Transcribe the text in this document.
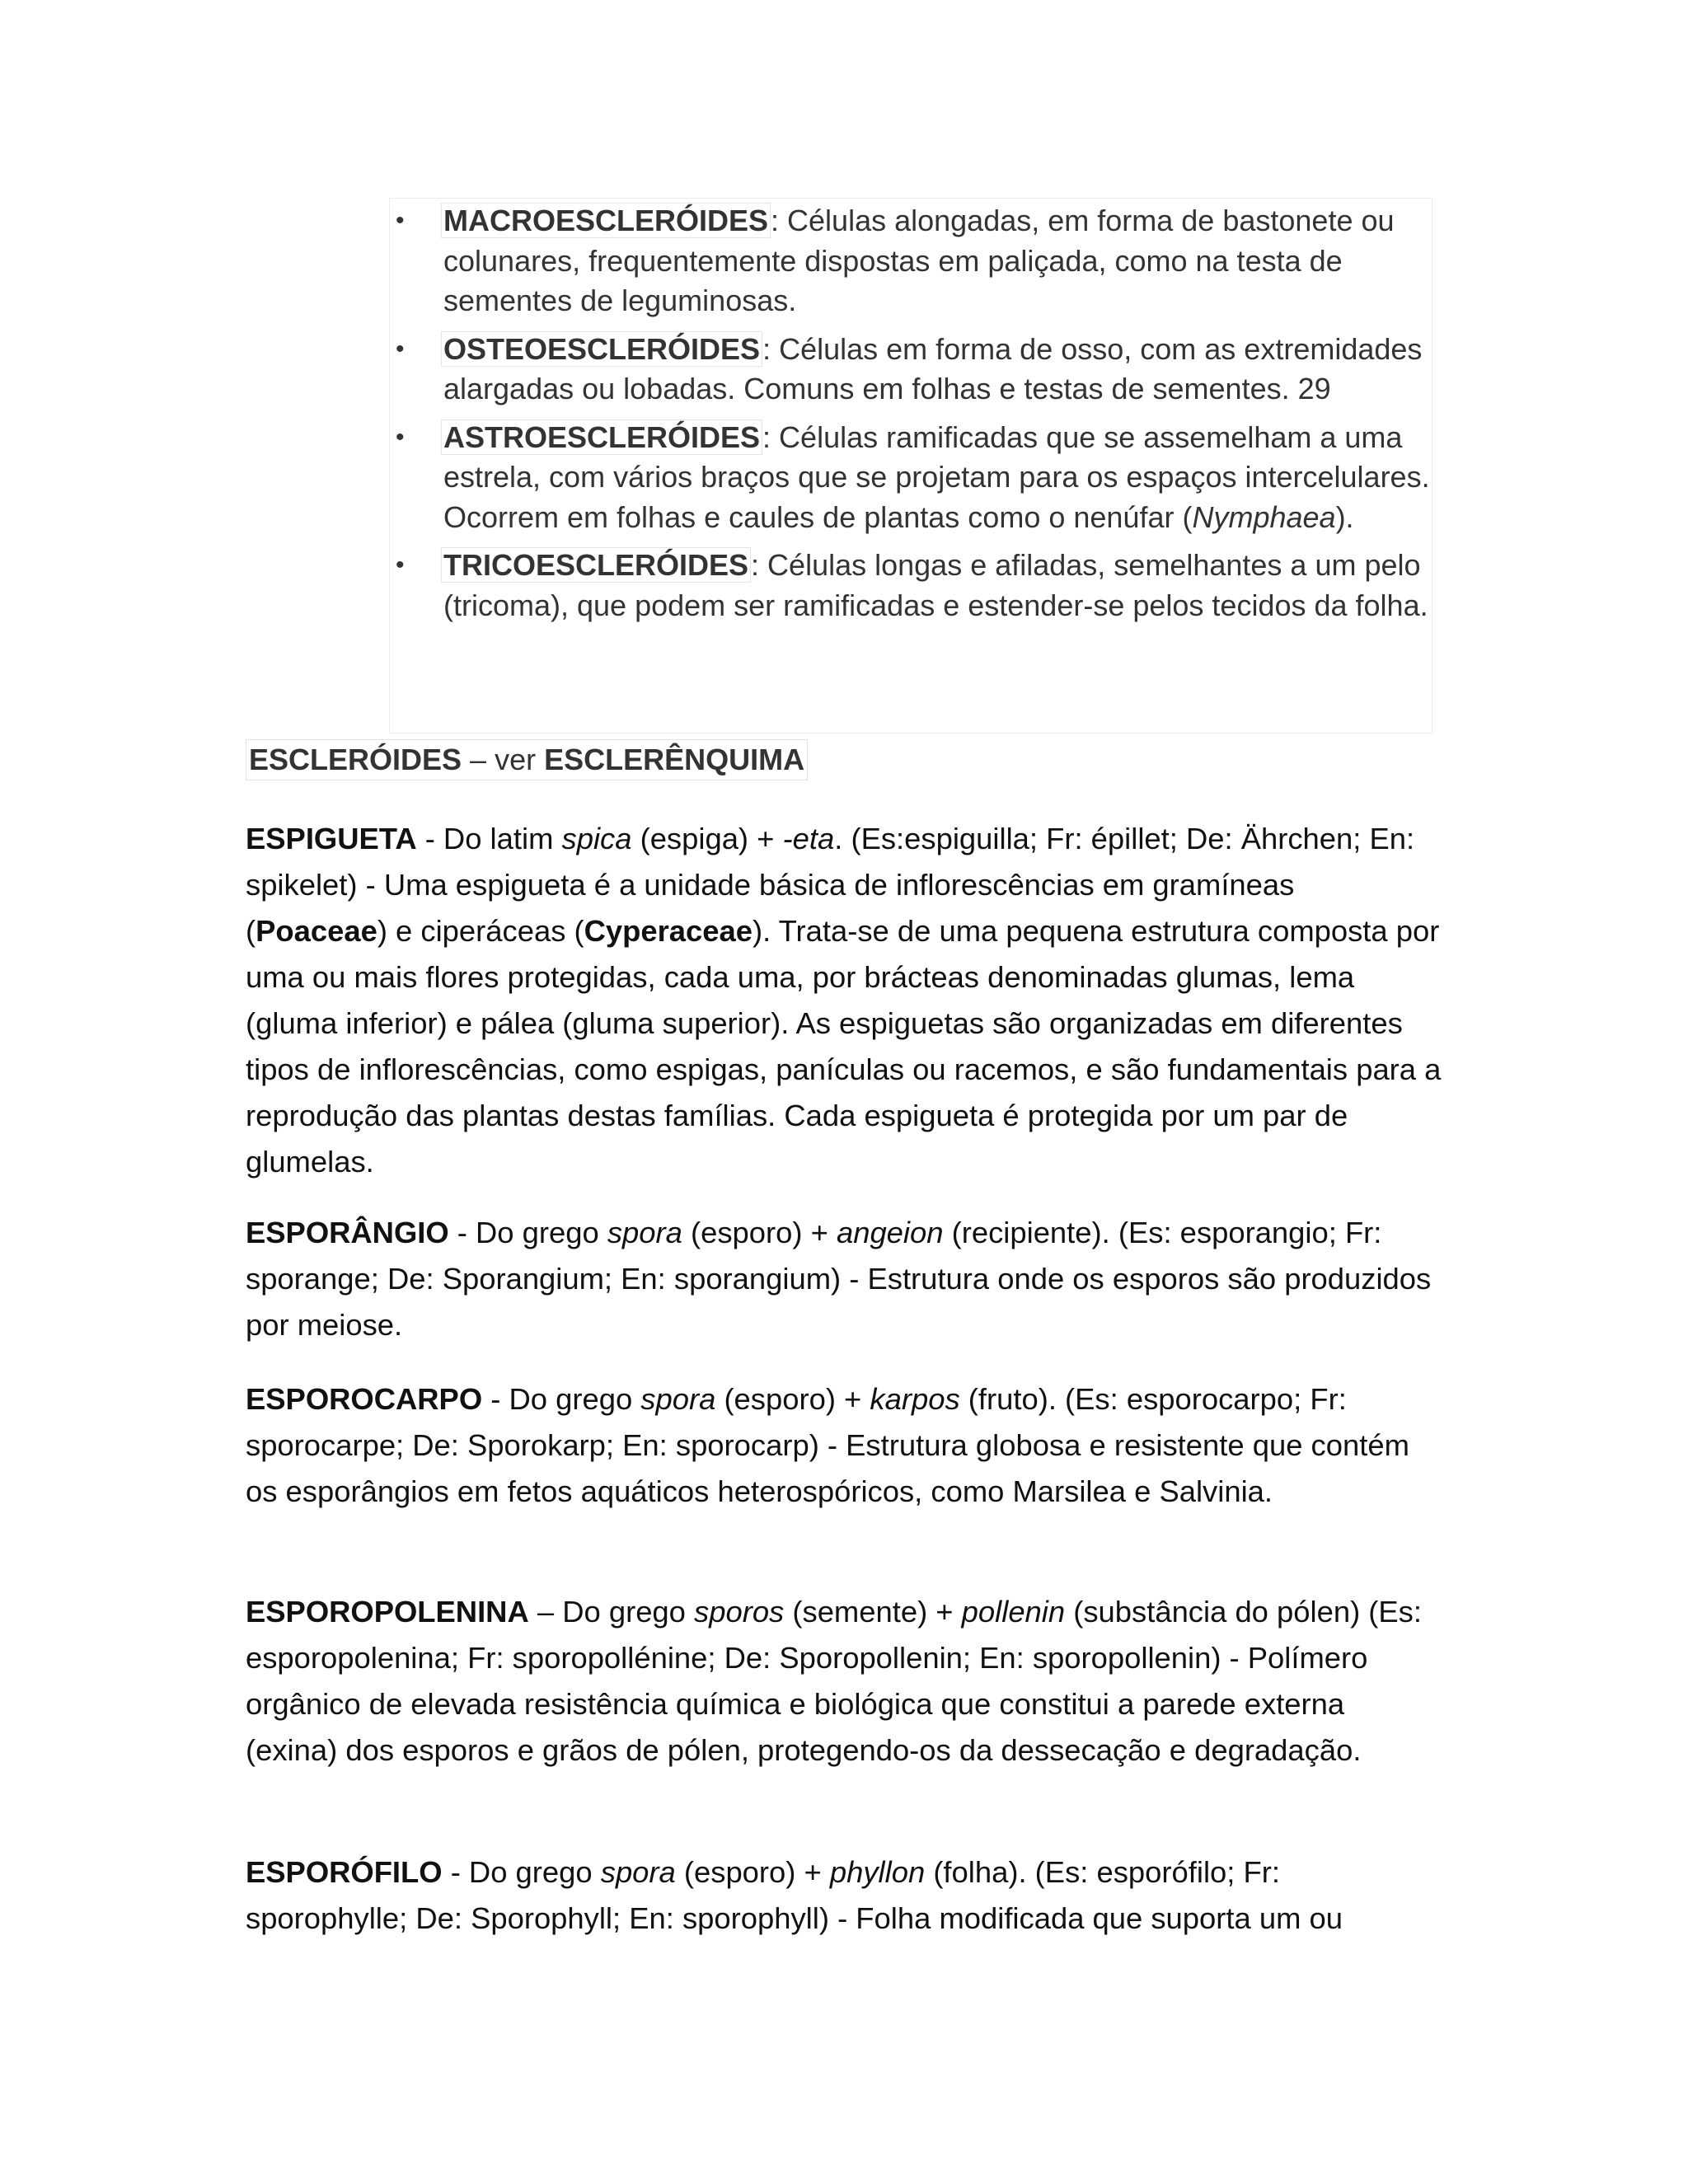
• MACROESCLERÓIDES: Células alongadas, em forma de bastonete ou colunares, frequentemente dispostas em paliçada, como na testa de sementes de leguminosas.
• OSTEOESCLERÓIDES: Células em forma de osso, com as extremidades alargadas ou lobadas. Comuns em folhas e testas de sementes. 29
• ASTROESCLERÓIDES: Células ramificadas que se assemelham a uma estrela, com vários braços que se projetam para os espaços intercelulares. Ocorrem em folhas e caules de plantas como o nenúfar (Nymphaea).
• TRICOESCLERÓIDES: Células longas e afiladas, semelhantes a um pelo (tricoma), que podem ser ramificadas e estender-se pelos tecidos da folha.
ESCLERÓIDES – ver ESCLERÊNQUIMA

ESPIGUETA - Do latim spica (espiga) + -eta. (Es:espiguilla; Fr: épillet; De: Ährchen; En: spikelet) - Uma espigueta é a unidade básica de inflorescências em gramíneas (Poaceae) e ciperáceas (Cyperaceae). Trata-se de uma pequena estrutura composta por uma ou mais flores protegidas, cada uma, por brácteas denominadas glumas, lema (gluma inferior) e pálea (gluma superior). As espiguetas são organizadas em diferentes tipos de inflorescências, como espigas, panículas ou racemos, e são fundamentais para a reprodução das plantas destas famílias. Cada espigueta é protegida por um par de glumelas.

ESPORÂNGIO - Do grego spora (esporo) + angeion (recipiente). (Es: esporangio; Fr: sporange; De: Sporangium; En: sporangium) - Estrutura onde os esporos são produzidos por meiose.

ESPOROCARPO - Do grego spora (esporo) + karpos (fruto). (Es: esporocarpo; Fr: sporocarpe; De: Sporokarp; En: sporocarp) - Estrutura globosa e resistente que contém os esporângios em fetos aquáticos heterospóricos, como Marsilea e Salvinia.

ESPOROPOLENINA – Do grego sporos (semente) + pollenin (substância do pólen) (Es: esporopolenina; Fr: sporopollénine; De: Sporopollenin; En: sporopollenin) - Polímero orgânico de elevada resistência química e biológica que constitui a parede externa (exina) dos esporos e grãos de pólen, protegendo-os da dessecação e degradação.

ESPORÓFILO - Do grego spora (esporo) + phyllon (folha). (Es: esporófilo; Fr: sporophylle; De: Sporophyll; En: sporophyll) - Folha modificada que suporta um ou
